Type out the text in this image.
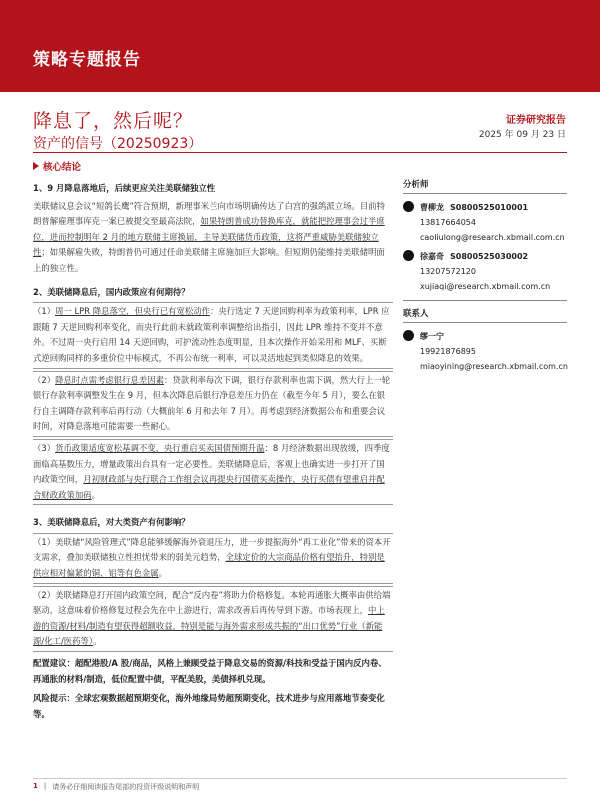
策略专题报告
降息了，然后呢？
资产的信号（20250923）
证券研究报告
2025 年 09 月 23 日
核心结论
1、9 月降息落地后，后续更应关注美联储独立性
美联储议息会议“短鸽长鹰”符合预期，新理事米兰向市场明确传达了白宫的强鸽派立场。目前特朗普解雇理事库克一案已被提交至最高法院，如果特朗普成功替换库克，就能把控理事会过半席位，进而控制明年 2 月的地方联储主席换届，主导美联储货币政策，这将严重威胁美联储独立性；如果解雇失败，特朗普仍可通过任命美联储主席施加巨大影响。但短期仍能维持美联储明面上的独立性。
2、美联储降息后，国内政策应有何期待？
（1）周一 LPR 降息落空，但央行已有宽松动作：央行选定 7 天逆回购利率为政策利率，LPR 应跟随 7 天逆回购利率变化，而央行此前未就政策利率调整给出指引，因此 LPR 维持不变并不意外。不过周一央行启用 14 天逆回购，可护流动性态度明显，且本次操作开始采用和 MLF、买断式逆回购同样的多重价位中标模式，不再公布统一利率，可以灵活地起到类似降息的效果。
（2）降息时点需考虑银行息差因素：贷款利率每次下调，银行存款利率也需下调，然大行上一轮银行存款利率调整发生在 9 月，但本次降息后银行净息差压力仍在（截至今年 5 月），要么在银行自主调降存款利率后再行动（大概前年 6 月和去年 7 月）。再考虑到经济数据公布和重要会议时间，对降息落地可能需要一些耐心。
（3）货币政策适度宽松基调不变，央行重启买卖国债预期升温：8 月经济数据出现放缓，四季度面临高基数压力，增量政策出台具有一定必要性。美联储降息后，客观上也确实进一步打开了国内政策空间，月初财政部与央行联合工作组会议再提央行国债买卖操作，央行买债有望重启并配合财政政策加码。
3、美联储降息后，对大类资产有何影响？
（1）美联储“风险管理式”降息能够缓解海外衰退压力，进一步提振海外“再工业化”带来的资本开支需求，叠加美联储独立性担忧带来的弱美元趋势，全球定价的大宗商品价格有望抬升，特别是供应相对偏紧的铜、铝等有色金属。
（2）美联储降息打开国内政策空间，配合“反内卷”将助力价格修复。本轮再通胀大概率由供给端驱动，这意味着价格修复过程会先在中上游进行，需求改善后再传导到下游。市场表现上，中上游的资源/材料/制造有望获得超额收益，特别是能与海外需求形成共振的“出口优势”行业（新能源/化工/医药等）。
配置建议：超配港股/A 股/商品，风格上兼顾受益于降息交易的资源/科技和受益于国内反内卷、再通胀的材料/制造，低位配置中债，平配美股，美债择机兑现。
风险提示：全球宏观数据超预期变化，海外地缘局势超预期变化，技术进步与应用落地节奏变化等。
分析师
曹柳龙 S0800525010001
13817664054
caoliulong@research.xbmail.com.cn
徐嘉奇 S0800525030002
13207572120
xujiaqi@research.xbmail.com.cn
联系人
缪一宁
19921876895
miaoyining@research.xbmail.com.cn
1 | 请务必仔细阅读报告尾部的投资评级说明和声明
